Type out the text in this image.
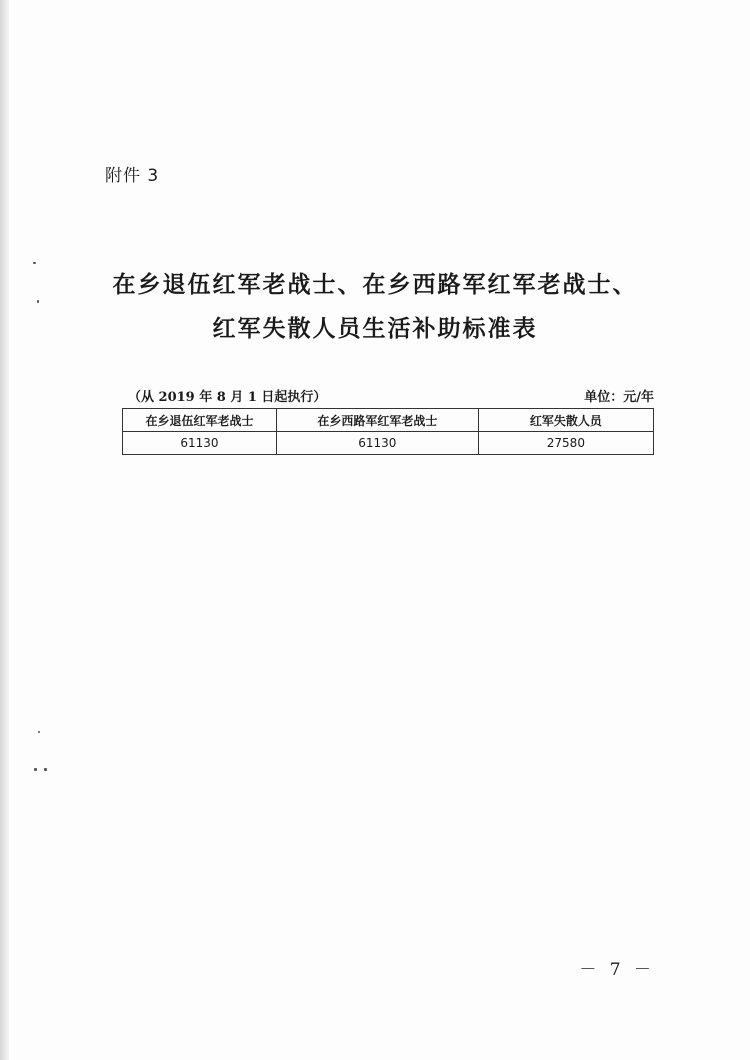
附件 3
在乡退伍红军老战士、在乡西路军红军老战士、
红军失散人员生活补助标准表
（从 2019 年 8 月 1 日起执行）	单位：元/年
在乡退伍红军老战士	在乡西路军红军老战士	红军失散人员
61130	61130	27580
－ 7 －
